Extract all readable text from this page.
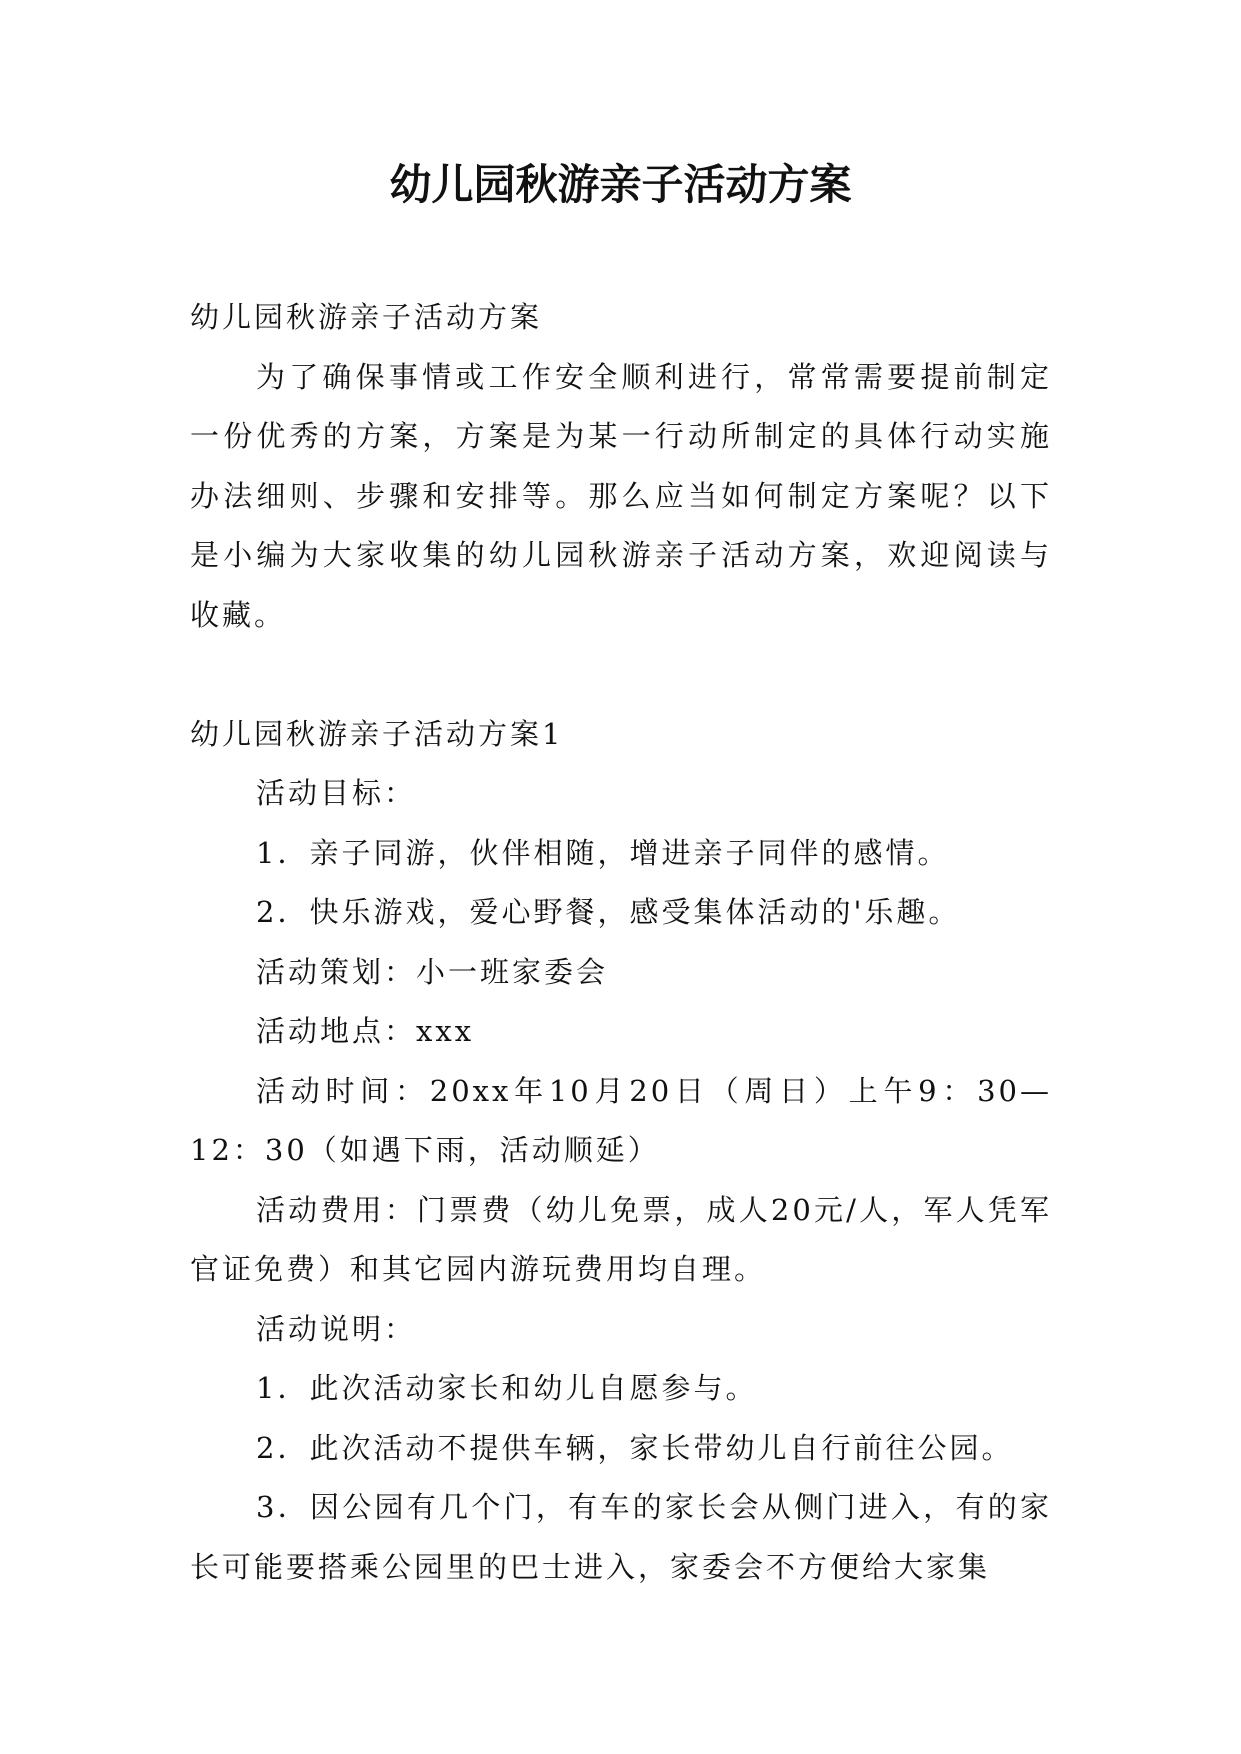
幼儿园秋游亲子活动方案

幼儿园秋游亲子活动方案

为了确保事情或工作安全顺利进行，常常需要提前制定一份优秀的方案，方案是为某一行动所制定的具体行动实施办法细则、步骤和安排等。那么应当如何制定方案呢？以下是小编为大家收集的幼儿园秋游亲子活动方案，欢迎阅读与收藏。

幼儿园秋游亲子活动方案1

活动目标：

1．亲子同游，伙伴相随，增进亲子同伴的感情。

2．快乐游戏，爱心野餐，感受集体活动的'乐趣。

活动策划：小一班家委会

活动地点：xxx

活动时间：20xx年10月20日（周日）上午9：30—12：30（如遇下雨，活动顺延）

活动费用：门票费（幼儿免票，成人20元/人，军人凭军官证免费）和其它园内游玩费用均自理。

活动说明：

1．此次活动家长和幼儿自愿参与。

2．此次活动不提供车辆，家长带幼儿自行前往公园。

3．因公园有几个门，有车的家长会从侧门进入，有的家长可能要搭乘公园里的巴士进入，家委会不方便给大家集
